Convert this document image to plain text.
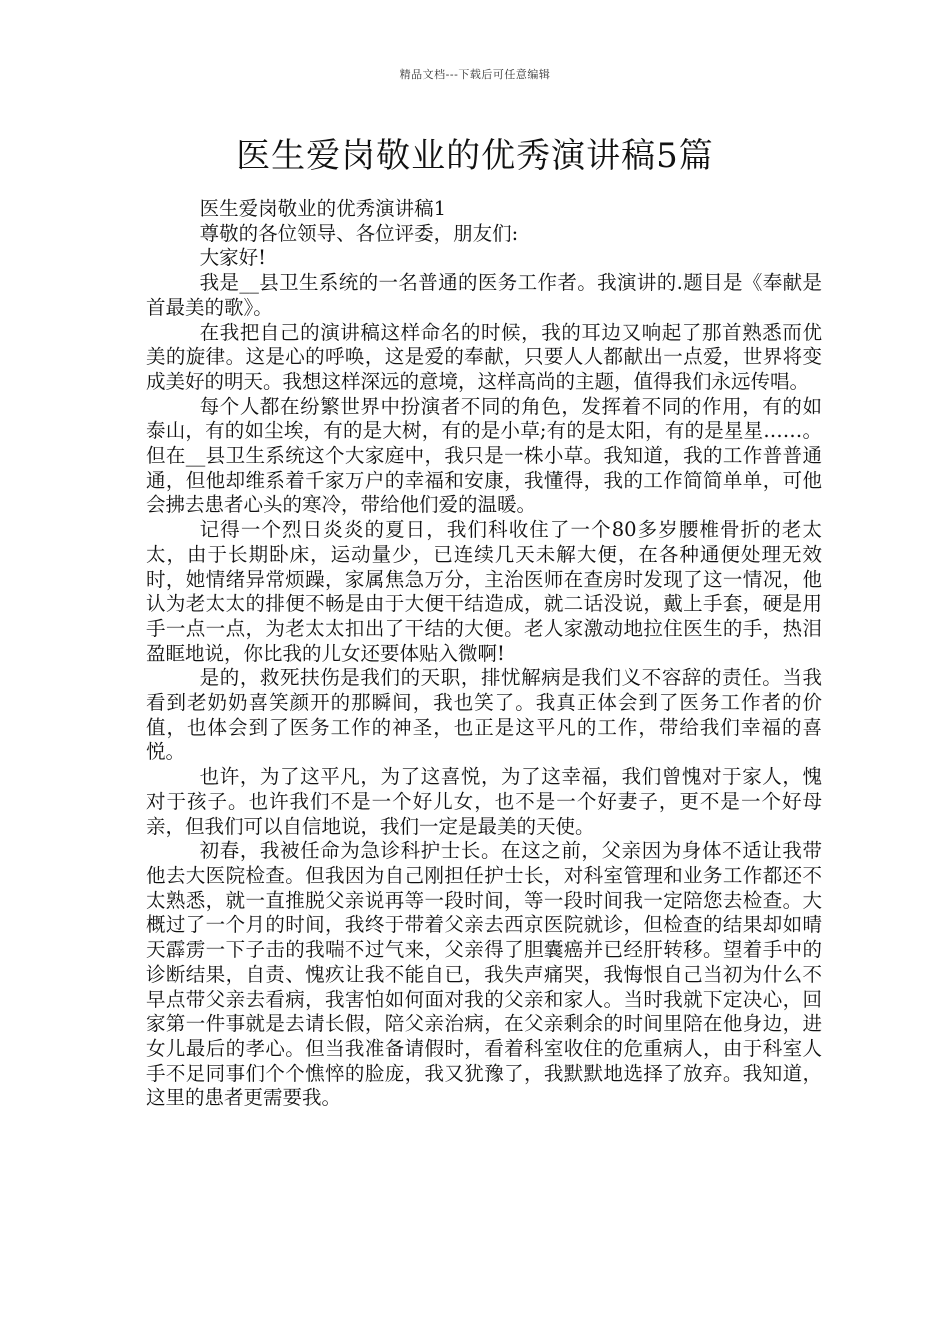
精品文档---下载后可任意编辑
医生爱岗敬业的优秀演讲稿5篇

医生爱岗敬业的优秀演讲稿1

尊敬的各位领导、各位评委，朋友们:

大家好!

我是__县卫生系统的一名普通的医务工作者。我演讲的.题目是《奉献是首最美的歌》。

在我把自己的演讲稿这样命名的时候，我的耳边又响起了那首熟悉而优美的旋律。这是心的呼唤，这是爱的奉献，只要人人都献出一点爱，世界将变成美好的明天。我想这样深远的意境，这样高尚的主题，值得我们永远传唱。

每个人都在纷繁世界中扮演者不同的角色，发挥着不同的作用，有的如泰山，有的如尘埃，有的是大树，有的是小草;有的是太阳，有的是星星……。但在__县卫生系统这个大家庭中，我只是一株小草。我知道，我的工作普普通通，但他却维系着千家万户的幸福和安康，我懂得，我的工作简简单单，可他会拂去患者心头的寒冷，带给他们爱的温暖。

记得一个烈日炎炎的夏日，我们科收住了一个80多岁腰椎骨折的老太太，由于长期卧床，运动量少，已连续几天未解大便，在各种通便处理无效时，她情绪异常烦躁，家属焦急万分，主治医师在查房时发现了这一情况，他认为老太太的排便不畅是由于大便干结造成，就二话没说，戴上手套，硬是用手一点一点，为老太太扣出了干结的大便。老人家激动地拉住医生的手，热泪盈眶地说，你比我的儿女还要体贴入微啊!

是的，救死扶伤是我们的天职，排忧解病是我们义不容辞的责任。当我看到老奶奶喜笑颜开的那瞬间，我也笑了。我真正体会到了医务工作者的价值，也体会到了医务工作的神圣，也正是这平凡的工作，带给我们幸福的喜悦。

也许，为了这平凡，为了这喜悦，为了这幸福，我们曾愧对于家人，愧对于孩子。也许我们不是一个好儿女，也不是一个好妻子，更不是一个好母亲，但我们可以自信地说，我们一定是最美的天使。

初春，我被任命为急诊科护士长。在这之前，父亲因为身体不适让我带他去大医院检查。但我因为自己刚担任护士长，对科室管理和业务工作都还不太熟悉，就一直推脱父亲说再等一段时间，等一段时间我一定陪您去检查。大概过了一个月的时间，我终于带着父亲去西京医院就诊，但检查的结果却如晴天霹雳一下子击的我喘不过气来，父亲得了胆囊癌并已经肝转移。望着手中的诊断结果，自责、愧疚让我不能自已，我失声痛哭，我悔恨自己当初为什么不早点带父亲去看病，我害怕如何面对我的父亲和家人。当时我就下定决心，回家第一件事就是去请长假，陪父亲治病，在父亲剩余的时间里陪在他身边，进女儿最后的孝心。但当我准备请假时，看着科室收住的危重病人，由于科室人手不足同事们个个憔悴的脸庞，我又犹豫了，我默默地选择了放弃。我知道，这里的患者更需要我。
